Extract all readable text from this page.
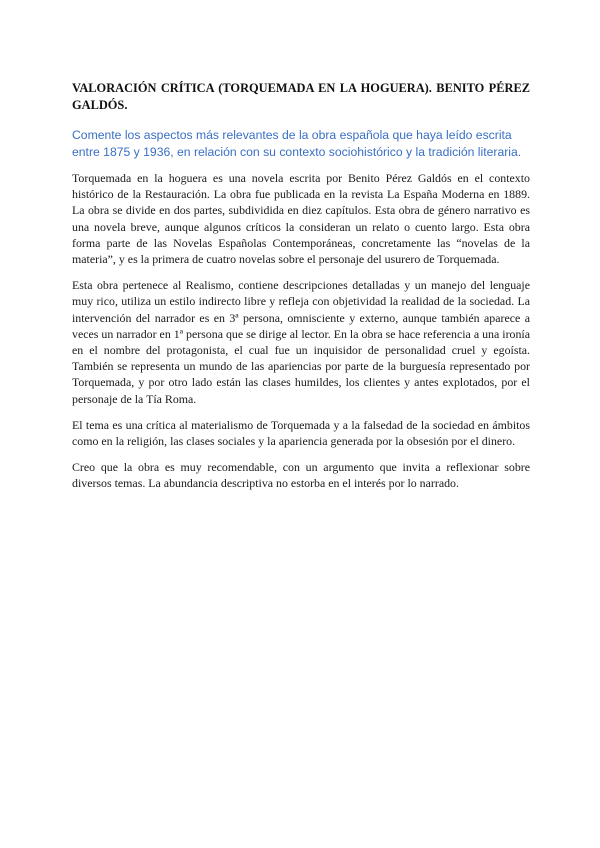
VALORACIÓN CRÍTICA (TORQUEMADA EN LA HOGUERA). BENITO PÉREZ GALDÓS.

Comente los aspectos más relevantes de la obra española que haya leído escrita entre 1875 y 1936, en relación con su contexto sociohistórico y la tradición literaria.

Torquemada en la hoguera es una novela escrita por Benito Pérez Galdós en el contexto histórico de la Restauración. La obra fue publicada en la revista La España Moderna en 1889. La obra se divide en dos partes, subdividida en diez capítulos. Esta obra de género narrativo es una novela breve, aunque algunos críticos la consideran un relato o cuento largo. Esta obra forma parte de las Novelas Españolas Contemporáneas, concretamente las “novelas de la materia”, y es la primera de cuatro novelas sobre el personaje del usurero de Torquemada.

Esta obra pertenece al Realismo, contiene descripciones detalladas y un manejo del lenguaje muy rico, utiliza un estilo indirecto libre y refleja con objetividad la realidad de la sociedad. La intervención del narrador es en 3ª persona, omnisciente y externo, aunque también aparece a veces un narrador en 1ª persona que se dirige al lector. En la obra se hace referencia a una ironía en el nombre del protagonista, el cual fue un inquisidor de personalidad cruel y egoísta. También se representa un mundo de las apariencias por parte de la burguesía representado por Torquemada, y por otro lado están las clases humildes, los clientes y antes explotados, por el personaje de la Tía Roma.

El tema es una crítica al materialismo de Torquemada y a la falsedad de la sociedad en ámbitos como en la religión, las clases sociales y la apariencia generada por la obsesión por el dinero.

Creo que la obra es muy recomendable, con un argumento que invita a reflexionar sobre diversos temas. La abundancia descriptiva no estorba en el interés por lo narrado.
